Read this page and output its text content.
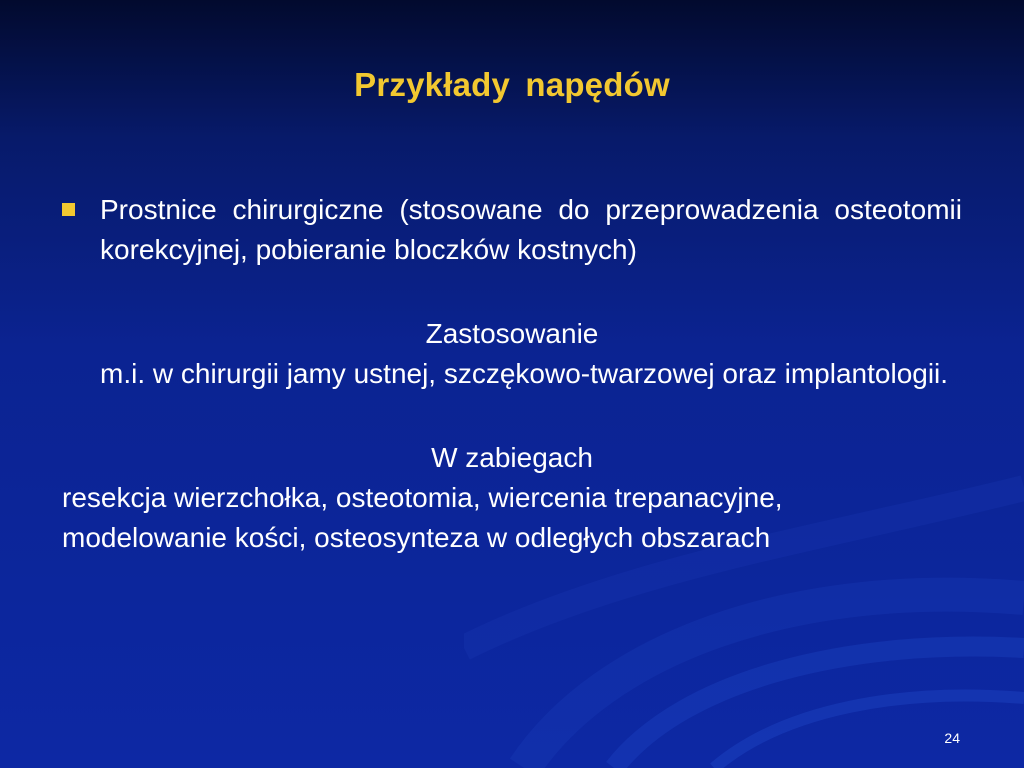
Przykłady napędów
Prostnice chirurgiczne (stosowane do przeprowadzenia osteotomii korekcyjnej, pobieranie bloczków kostnych)
Zastosowanie
m.i. w chirurgii jamy ustnej, szczękowo-twarzowej oraz implantologii.
W zabiegach

resekcja wierzchołka, osteotomia, wiercenia trepanacyjne,

modelowanie kości, osteosynteza w odległych obszarach

24
